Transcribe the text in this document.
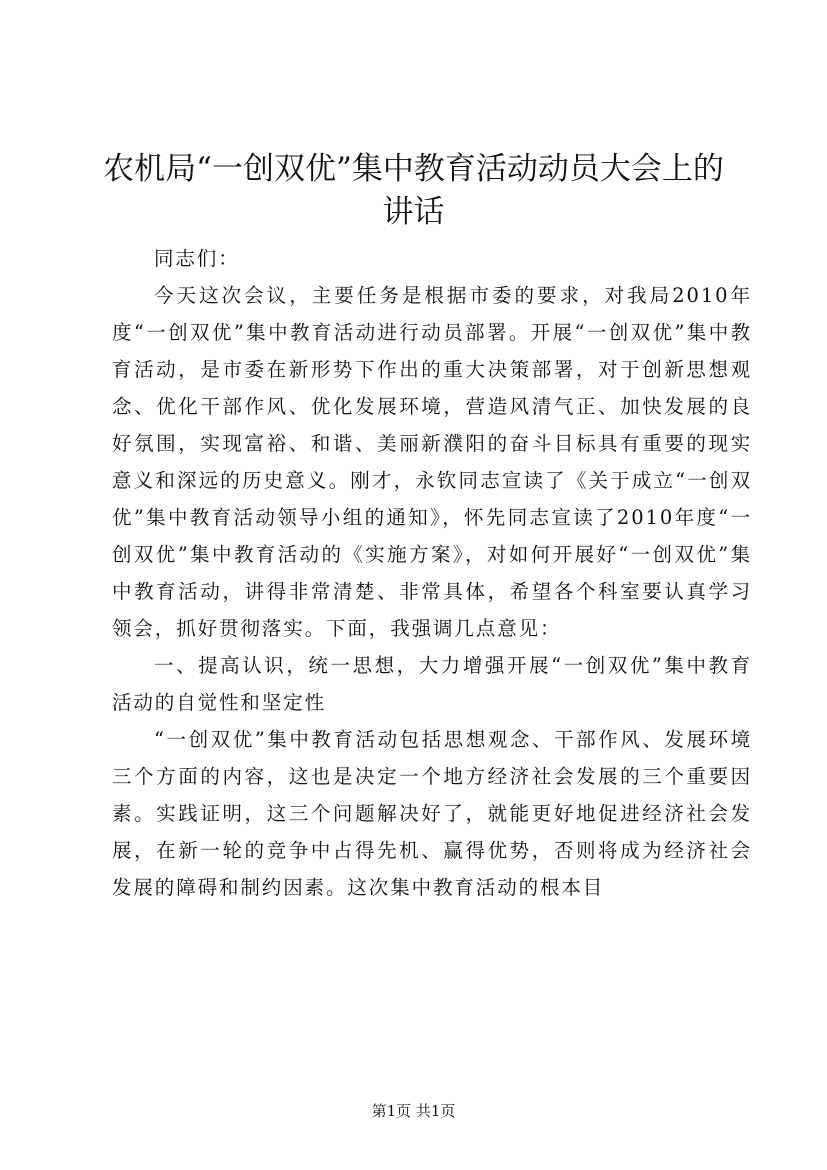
农机局“一创双优”集中教育活动动员大会上的讲话

同志们：

今天这次会议，主要任务是根据市委的要求，对我局2010年度“一创双优”集中教育活动进行动员部署。开展“一创双优”集中教育活动，是市委在新形势下作出的重大决策部署，对于创新思想观念、优化干部作风、优化发展环境，营造风清气正、加快发展的良好氛围，实现富裕、和谐、美丽新濮阳的奋斗目标具有重要的现实意义和深远的历史意义。刚才，永钦同志宣读了《关于成立“一创双优”集中教育活动领导小组的通知》，怀先同志宣读了2010年度“一创双优”集中教育活动的《实施方案》，对如何开展好“一创双优”集中教育活动，讲得非常清楚、非常具体，希望各个科室要认真学习领会，抓好贯彻落实。下面，我强调几点意见：

一、提高认识，统一思想，大力增强开展“一创双优”集中教育活动的自觉性和坚定性

“一创双优”集中教育活动包括思想观念、干部作风、发展环境三个方面的内容，这也是决定一个地方经济社会发展的三个重要因素。实践证明，这三个问题解决好了，就能更好地促进经济社会发展，在新一轮的竞争中占得先机、赢得优势，否则将成为经济社会发展的障碍和制约因素。这次集中教育活动的根本目

第1页 共1页
